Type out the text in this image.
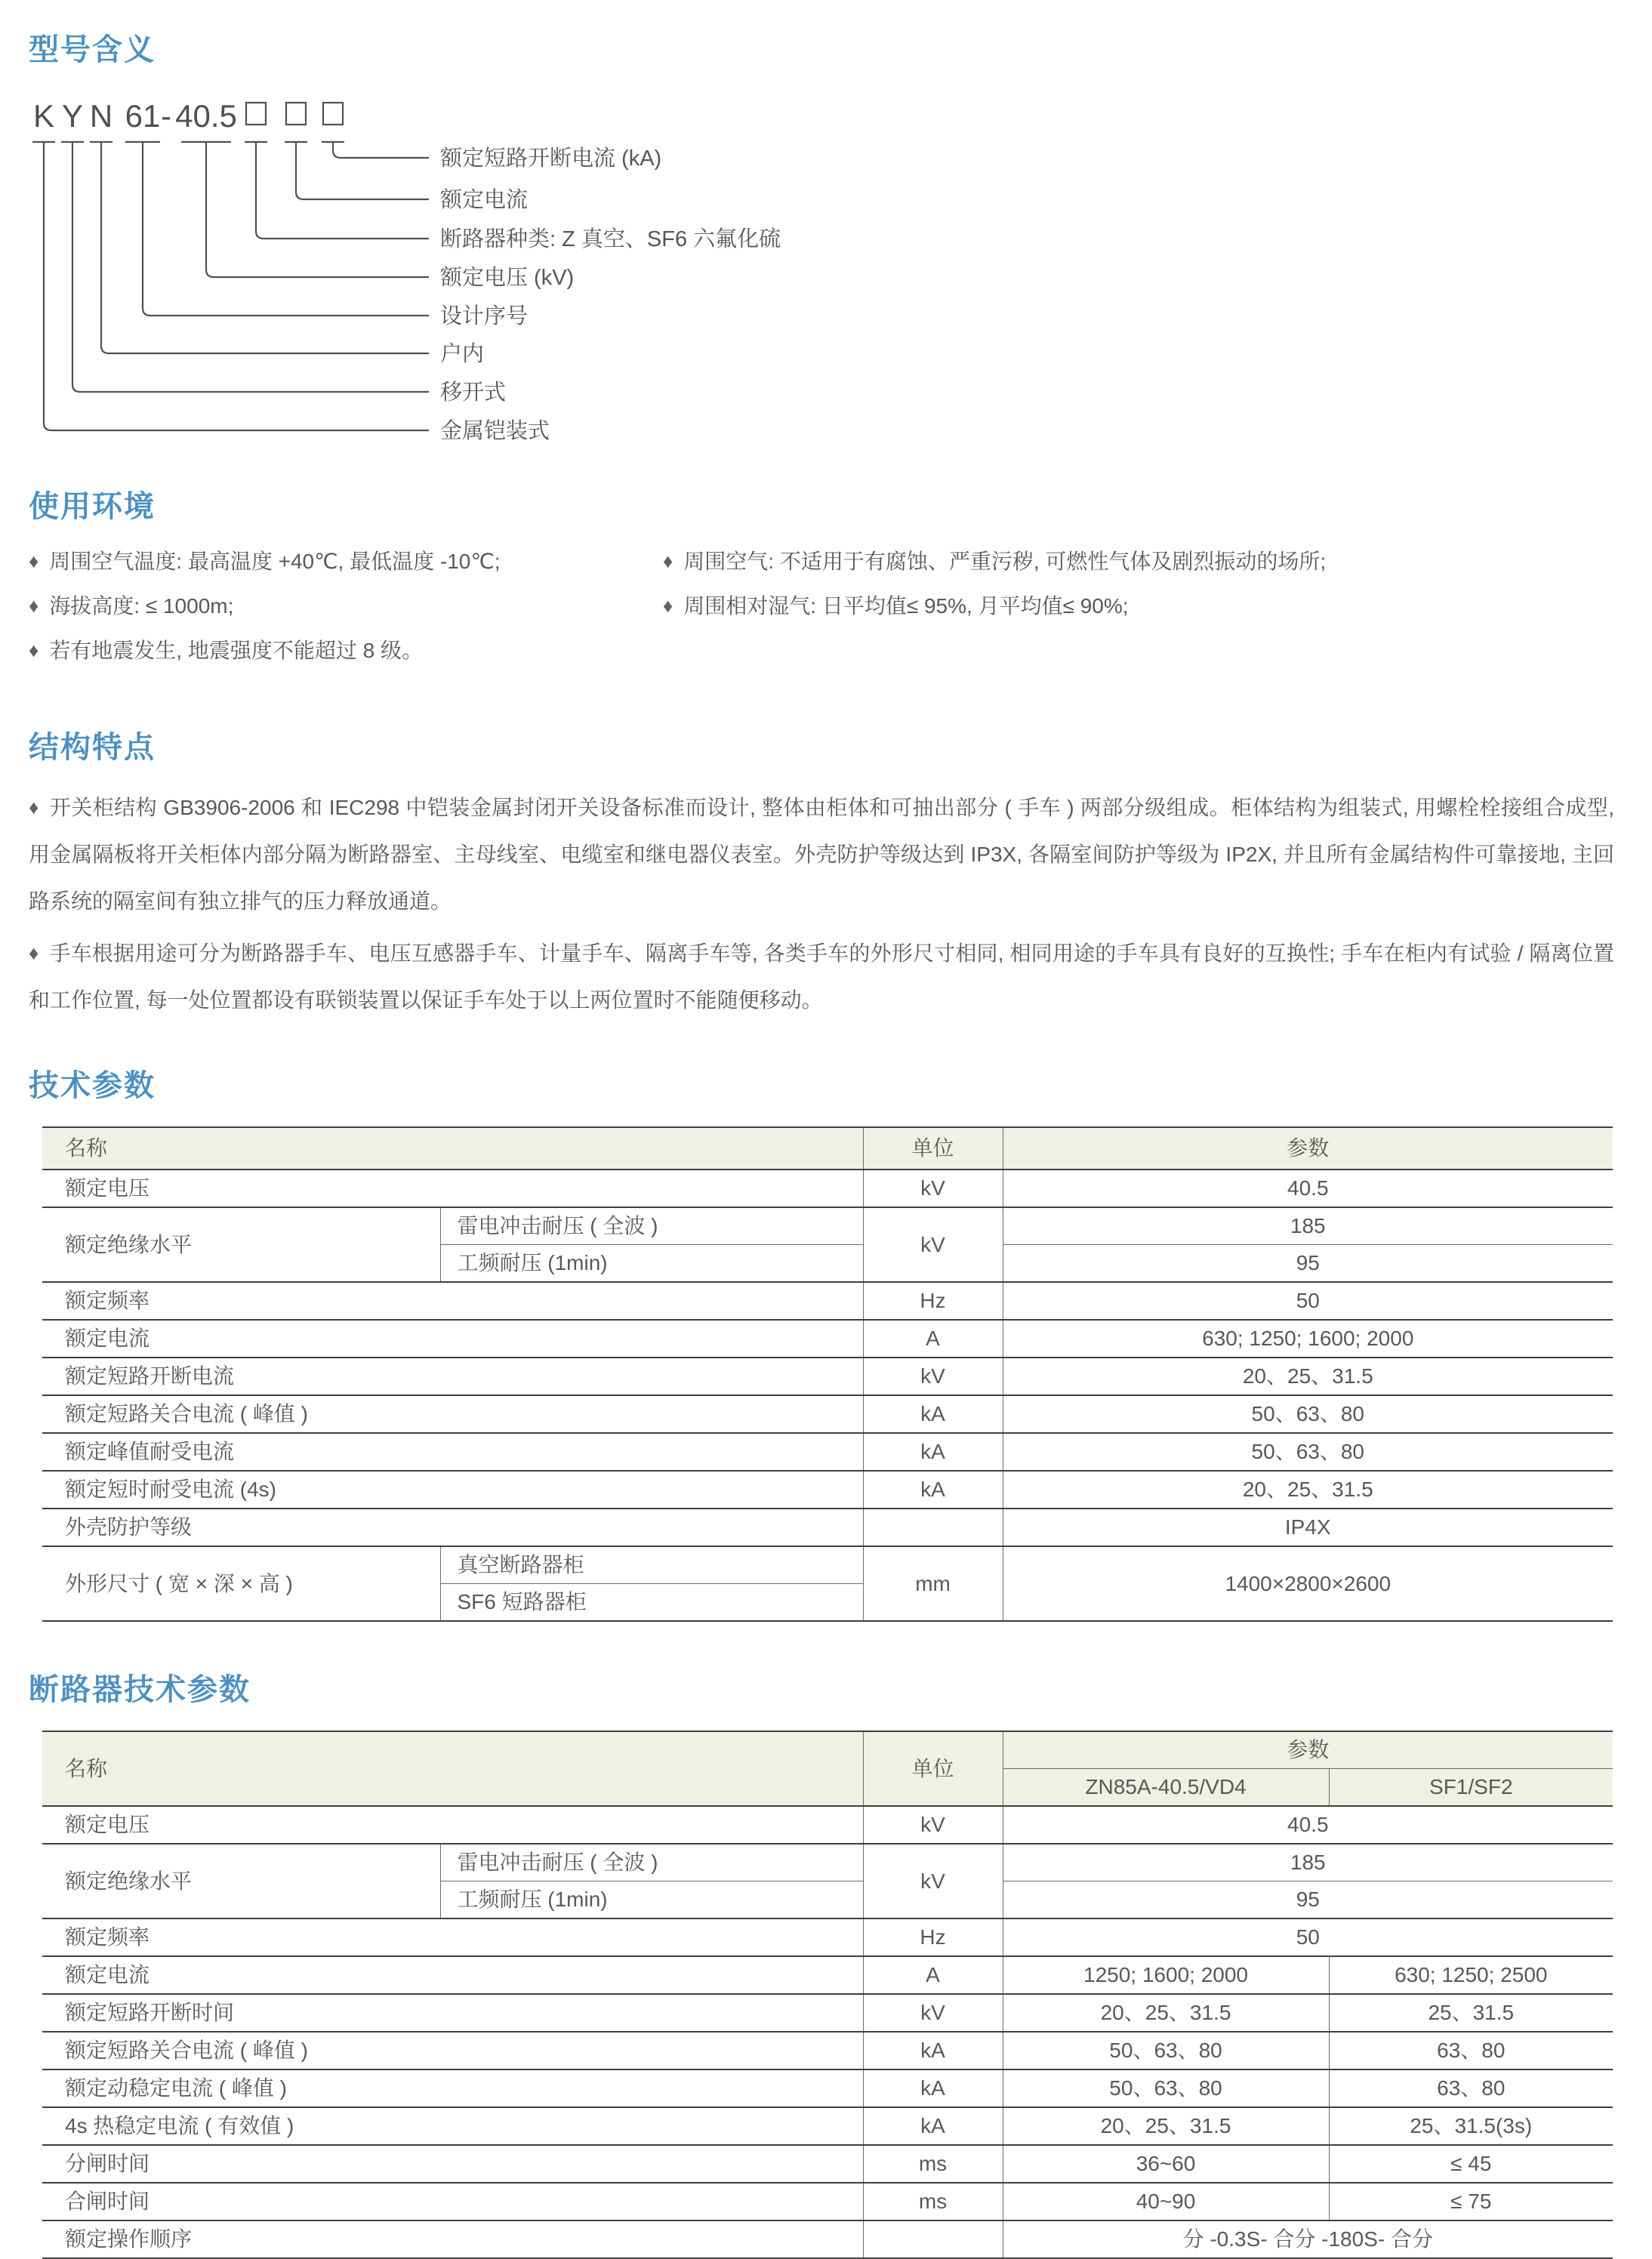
型号含义
K Y N 61 - 40.5
额定短路开断电流 (kA)
额定电流
断路器种类: Z 真空、SF6 六氟化硫
额定电压 (kV)
设计序号
户内
移开式
金属铠装式
使用环境
♦ 周围空气温度: 最高温度 +40℃, 最低温度 -10℃;
♦ 海拔高度: ≤ 1000m;
♦ 若有地震发生, 地震强度不能超过 8 级。
♦ 周围空气: 不适用于有腐蚀、严重污秽, 可燃性气体及剧烈振动的场所;
♦ 周围相对湿气: 日平均值≤ 95%, 月平均值≤ 90%;
结构特点

♦ 开关柜结构 GB3906-2006 和 IEC298 中铠装金属封闭开关设备标准而设计, 整体由柜体和可抽出部分 ( 手车 ) 两部分级组成。柜体结构为组装式, 用螺栓栓接组合成型, 用金属隔板将开关柜体内部分隔为断路器室、主母线室、电缆室和继电器仪表室。外壳防护等级达到 IP3X, 各隔室间防护等级为 IP2X, 并且所有金属结构件可靠接地, 主回路系统的隔室间有独立排气的压力释放通道。

♦ 手车根据用途可分为断路器手车、电压互感器手车、计量手车、隔离手车等, 各类手车的外形尺寸相同, 相同用途的手车具有良好的互换性; 手车在柜内有试验 / 隔离位置和工作位置, 每一处位置都设有联锁装置以保证手车处于以上两位置时不能随便移动。

技术参数
名称		单位	参数
额定电压		kV	40.5
额定绝缘水平	雷电冲击耐压 ( 全波 )	kV	185
	工频耐压 (1min)		95
额定频率		Hz	50
额定电流		A	630; 1250; 1600; 2000
额定短路开断电流		kV	20、25、31.5
额定短路关合电流 ( 峰值 )		kA	50、63、80
额定峰值耐受电流		kA	50、63、80
额定短时耐受电流 (4s)		kA	20、25、31.5
外壳防护等级			IP4X
外形尺寸 ( 宽 × 深 × 高 )	真空断路器柜	mm	1400×2800×2600
	SF6 短路器柜		
断路器技术参数
名称		单位	参数	
			ZN85A-40.5/VD4	SF1/SF2
额定电压		kV	40.5	
额定绝缘水平	雷电冲击耐压 ( 全波 )	kV	185	
	工频耐压 (1min)		95	
额定频率		Hz	50	
额定电流		A	1250; 1600; 2000	630; 1250; 2500
额定短路开断时间		kV	20、25、31.5	25、31.5
额定短路关合电流 ( 峰值 )		kA	50、63、80	63、80
额定动稳定电流 ( 峰值 )		kA	50、63、80	63、80
4s 热稳定电流 ( 有效值 )		kA	20、25、31.5	25、31.5(3s)
分闸时间		ms	36~60	≤ 45
合闸时间		ms	40~90	≤ 75
额定操作顺序			分 -0.3S- 合分 -180S- 合分	
